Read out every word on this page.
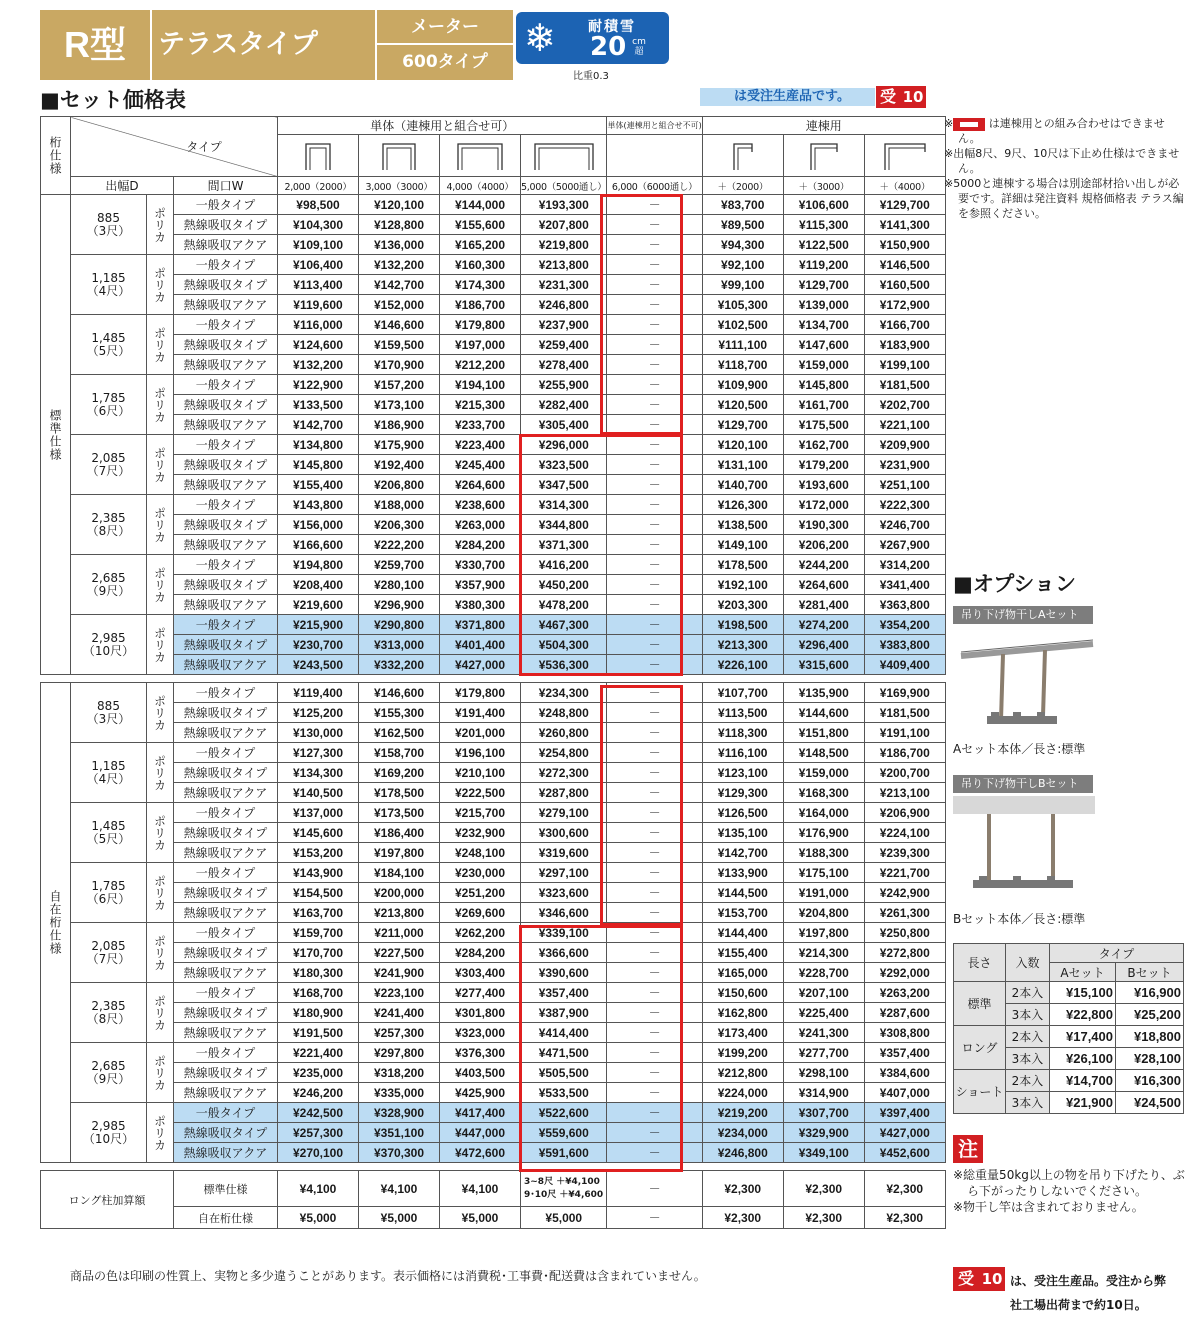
R型	テラスタイプ
メーター
600タイプ
❄ 耐積雪
20 cm
超
比重0.3
■セット価格表	は受注生産品です。	受 10
桁仕様	タイプ			単体（連棟用と組合せ可）				単体(連棟用と組合せ不可)	連棟用		

	出幅D		間口W	2,000（2000）	3,000（3000）	4,000（4000）	5,000（5000通し）	6,000（6000通し）	＋（2000）	＋（3000）	＋（4000）
標準仕様	885
（3尺）	ポリカ	一般タイプ	¥98,500	¥120,100	¥144,000	¥193,300	－	¥83,700	¥106,600	¥129,700
			熱線吸収タイプ	¥104,300	¥128,800	¥155,600	¥207,800	－	¥89,500	¥115,300	¥141,300
			熱線吸収アクア	¥109,100	¥136,000	¥165,200	¥219,800	－	¥94,300	¥122,500	¥150,900

	1,185
（4尺）	ポリカ	一般タイプ	¥106,400	¥132,200	¥160,300	¥213,800	－	¥92,100	¥119,200	¥146,500
			熱線吸収タイプ	¥113,400	¥142,700	¥174,300	¥231,300	－	¥99,100	¥129,700	¥160,500
			熱線吸収アクア	¥119,600	¥152,000	¥186,700	¥246,800	－	¥105,300	¥139,000	¥172,900

	1,485
（5尺）	ポリカ	一般タイプ	¥116,000	¥146,600	¥179,800	¥237,900	－	¥102,500	¥134,700	¥166,700
			熱線吸収タイプ	¥124,600	¥159,500	¥197,000	¥259,400	－	¥111,100	¥147,600	¥183,900
			熱線吸収アクア	¥132,200	¥170,900	¥212,200	¥278,400	－	¥118,700	¥159,000	¥199,100

	1,785
（6尺）	ポリカ	一般タイプ	¥122,900	¥157,200	¥194,100	¥255,900	－	¥109,900	¥145,800	¥181,500
			熱線吸収タイプ	¥133,500	¥173,100	¥215,300	¥282,400	－	¥120,500	¥161,700	¥202,700
			熱線吸収アクア	¥142,700	¥186,900	¥233,700	¥305,400	－	¥129,700	¥175,500	¥221,100

	2,085
（7尺）	ポリカ	一般タイプ	¥134,800	¥175,900	¥223,400	¥296,000	－	¥120,100	¥162,700	¥209,900
			熱線吸収タイプ	¥145,800	¥192,400	¥245,400	¥323,500	－	¥131,100	¥179,200	¥231,900
			熱線吸収アクア	¥155,400	¥206,800	¥264,600	¥347,500	－	¥140,700	¥193,600	¥251,100

	2,385
（8尺）	ポリカ	一般タイプ	¥143,800	¥188,000	¥238,600	¥314,300	－	¥126,300	¥172,000	¥222,300
			熱線吸収タイプ	¥156,000	¥206,300	¥263,000	¥344,800	－	¥138,500	¥190,300	¥246,700
			熱線吸収アクア	¥166,600	¥222,200	¥284,200	¥371,300	－	¥149,100	¥206,200	¥267,900

	2,685
（9尺）	ポリカ	一般タイプ	¥194,800	¥259,700	¥330,700	¥416,200	－	¥178,500	¥244,200	¥314,200
			熱線吸収タイプ	¥208,400	¥280,100	¥357,900	¥450,200	－	¥192,100	¥264,600	¥341,400
			熱線吸収アクア	¥219,600	¥296,900	¥380,300	¥478,200	－	¥203,300	¥281,400	¥363,800

	2,985
（10尺）	ポリカ	一般タイプ	¥215,900	¥290,800	¥371,800	¥467,300	－	¥198,500	¥274,200	¥354,200
			熱線吸収タイプ	¥230,700	¥313,000	¥401,400	¥504,300	－	¥213,300	¥296,400	¥383,800
			熱線吸収アクア	¥243,500	¥332,200	¥427,000	¥536,300	－	¥226,100	¥315,600	¥409,400

自在桁仕様	885
（3尺）	ポリカ	一般タイプ	¥119,400	¥146,600	¥179,800	¥234,300	－	¥107,700	¥135,900	¥169,900
			熱線吸収タイプ	¥125,200	¥155,300	¥191,400	¥248,800	－	¥113,500	¥144,600	¥181,500
			熱線吸収アクア	¥130,000	¥162,500	¥201,000	¥260,800	－	¥118,300	¥151,800	¥191,100

	1,185
（4尺）	ポリカ	一般タイプ	¥127,300	¥158,700	¥196,100	¥254,800	－	¥116,100	¥148,500	¥186,700
			熱線吸収タイプ	¥134,300	¥169,200	¥210,100	¥272,300	－	¥123,100	¥159,000	¥200,700
			熱線吸収アクア	¥140,500	¥178,500	¥222,500	¥287,800	－	¥129,300	¥168,300	¥213,100

	1,485
（5尺）	ポリカ	一般タイプ	¥137,000	¥173,500	¥215,700	¥279,100	－	¥126,500	¥164,000	¥206,900
			熱線吸収タイプ	¥145,600	¥186,400	¥232,900	¥300,600	－	¥135,100	¥176,900	¥224,100
			熱線吸収アクア	¥153,200	¥197,800	¥248,100	¥319,600	－	¥142,700	¥188,300	¥239,300

	1,785
（6尺）	ポリカ	一般タイプ	¥143,900	¥184,100	¥230,000	¥297,100	－	¥133,900	¥175,100	¥221,700
			熱線吸収タイプ	¥154,500	¥200,000	¥251,200	¥323,600	－	¥144,500	¥191,000	¥242,900
			熱線吸収アクア	¥163,700	¥213,800	¥269,600	¥346,600	－	¥153,700	¥204,800	¥261,300

	2,085
（7尺）	ポリカ	一般タイプ	¥159,700	¥211,000	¥262,200	¥339,100	－	¥144,400	¥197,800	¥250,800
			熱線吸収タイプ	¥170,700	¥227,500	¥284,200	¥366,600	－	¥155,400	¥214,300	¥272,800
			熱線吸収アクア	¥180,300	¥241,900	¥303,400	¥390,600	－	¥165,000	¥228,700	¥292,000

	2,385
（8尺）	ポリカ	一般タイプ	¥168,700	¥223,100	¥277,400	¥357,400	－	¥150,600	¥207,100	¥263,200
			熱線吸収タイプ	¥180,900	¥241,400	¥301,800	¥387,900	－	¥162,800	¥225,400	¥287,600
			熱線吸収アクア	¥191,500	¥257,300	¥323,000	¥414,400	－	¥173,400	¥241,300	¥308,800

	2,685
（9尺）	ポリカ	一般タイプ	¥221,400	¥297,800	¥376,300	¥471,500	－	¥199,200	¥277,700	¥357,400
			熱線吸収タイプ	¥235,000	¥318,200	¥403,500	¥505,500	－	¥212,800	¥298,100	¥384,600
			熱線吸収アクア	¥246,200	¥335,000	¥425,900	¥533,500	－	¥224,000	¥314,900	¥407,000

	2,985
（10尺）	ポリカ	一般タイプ	¥242,500	¥328,900	¥417,400	¥522,600	－	¥219,200	¥307,700	¥397,400
			熱線吸収タイプ	¥257,300	¥351,100	¥447,000	¥559,600	－	¥234,000	¥329,900	¥427,000
			熱線吸収アクア	¥270,100	¥370,300	¥472,600	¥591,600	－	¥246,800	¥349,100	¥452,600

ロング柱加算額			標準仕様	¥4,100	¥4,100	¥4,100	3~8尺 ＋¥4,100
9･10尺 ＋¥4,600	－	¥2,300	¥2,300	¥2,300
			自在桁仕様	¥5,000	¥5,000	¥5,000	¥5,000	－	¥2,300	¥2,300	¥2,300

※	は連棟用との組み合わせはできません。

※出幅8尺、9尺、10尺は下止め仕様はできません。

※5000と連棟する場合は別途部材拾い出しが必要です。詳細は発注資料 規格価格表 テラス編を参照ください。

■オプション
吊り下げ物干しAセット
Aセット本体／長さ:標準
吊り下げ物干しBセット
Bセット本体／長さ:標準
長さ	入数	タイプ	
		Aセット	Bセット
標準	2本入	¥15,100	¥16,900
	3本入	¥22,800	¥25,200
ロング	2本入	¥17,400	¥18,800
	3本入	¥26,100	¥28,100
ショート	2本入	¥14,700	¥16,300
	3本入	¥21,900	¥24,500
注

※総重量50kg以上の物を吊り下げたり、ぶら下がったりしないでください。

※物干し竿は含まれておりません。

商品の色は印刷の性質上、実物と多少違うことがあります。表示価格には消費税･工事費･配送費は含まれていません。	受 10 は、受注生産品。受注から弊
社工場出荷まで約10日。
